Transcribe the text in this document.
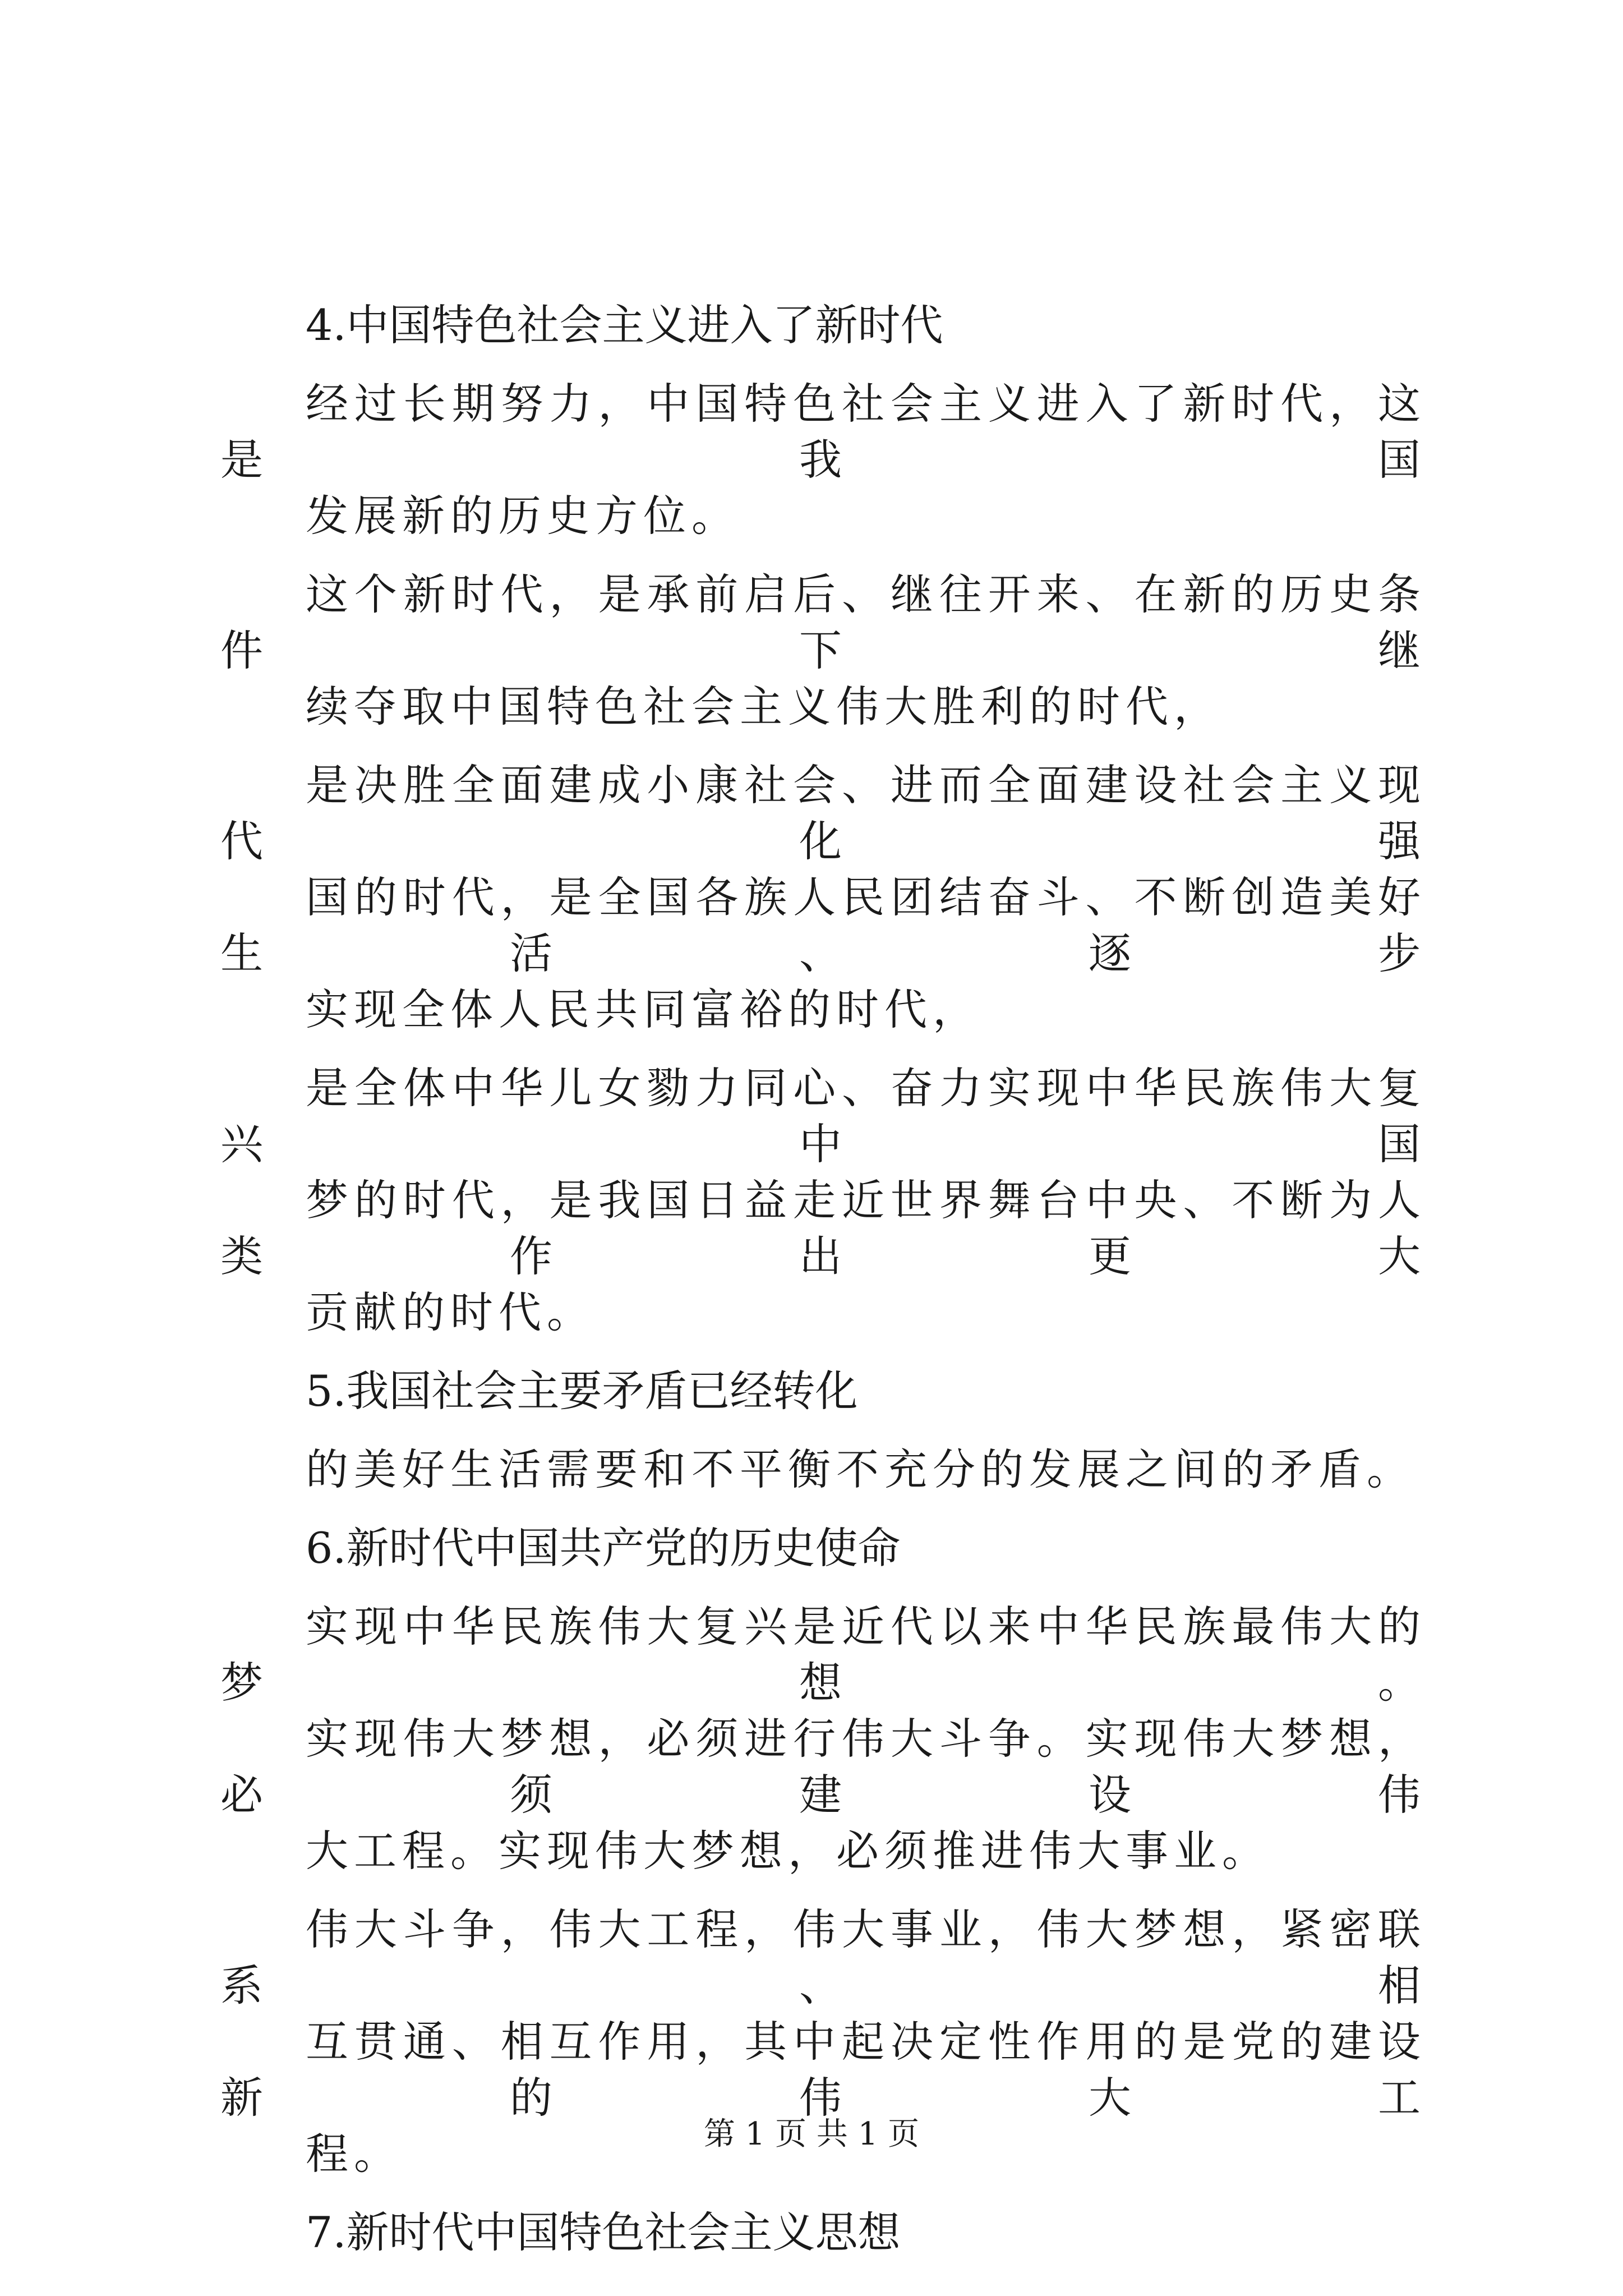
4.中国特色社会主义进入了新时代
经过长期努力，中国特色社会主义进入了新时代，这是我国
发展新的历史方位。
这个新时代，是承前启后、继往开来、在新的历史条件下继
续夺取中国特色社会主义伟大胜利的时代，
是决胜全面建成小康社会、进而全面建设社会主义现代化强
国的时代，是全国各族人民团结奋斗、不断创造美好生活、逐步
实现全体人民共同富裕的时代，
是全体中华儿女勠力同心、奋力实现中华民族伟大复兴中国
梦的时代，是我国日益走近世界舞台中央、不断为人类作出更大
贡献的时代。
5.我国社会主要矛盾已经转化
的美好生活需要和不平衡不充分的发展之间的矛盾。
6.新时代中国共产党的历史使命
实现中华民族伟大复兴是近代以来中华民族最伟大的梦想。
实现伟大梦想，必须进行伟大斗争。实现伟大梦想，必须建设伟
大工程。实现伟大梦想，必须推进伟大事业。
伟大斗争，伟大工程，伟大事业，伟大梦想，紧密联系、相
互贯通、相互作用，其中起决定性作用的是党的建设新的伟大工
程。
7.新时代中国特色社会主义思想
第 1 页 共 1 页
